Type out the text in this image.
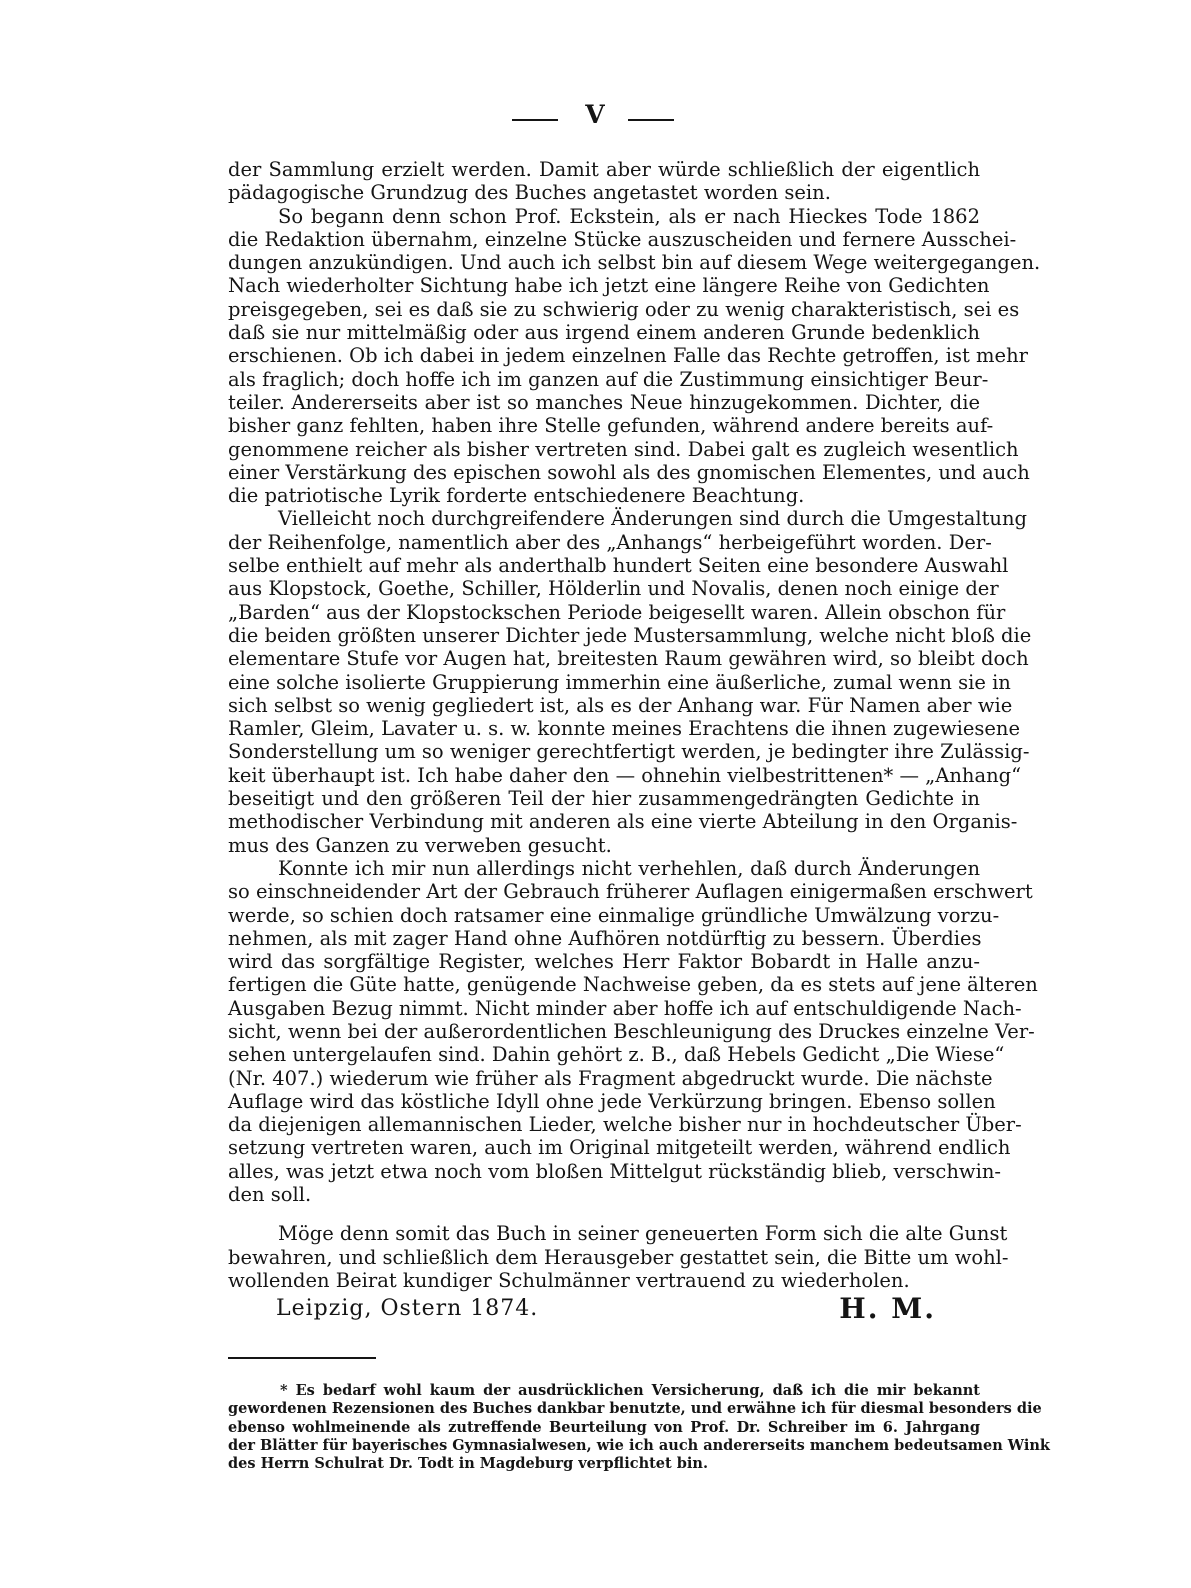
V

der Sammlung erzielt werden. Damit aber würde schließlich der eigentlich
pädagogische Grundzug des Buches angetastet worden sein.

So begann denn schon Prof. Eckstein, als er nach Hieckes Tode 1862
die Redaktion übernahm, einzelne Stücke auszuscheiden und fernere Ausschei-
dungen anzukündigen. Und auch ich selbst bin auf diesem Wege weitergegangen.
Nach wiederholter Sichtung habe ich jetzt eine längere Reihe von Gedichten
preisgegeben, sei es daß sie zu schwierig oder zu wenig charakteristisch, sei es
daß sie nur mittelmäßig oder aus irgend einem anderen Grunde bedenklich
erschienen. Ob ich dabei in jedem einzelnen Falle das Rechte getroffen, ist mehr
als fraglich; doch hoffe ich im ganzen auf die Zustimmung einsichtiger Beur-
teiler. Andererseits aber ist so manches Neue hinzugekommen. Dichter, die
bisher ganz fehlten, haben ihre Stelle gefunden, während andere bereits auf-
genommene reicher als bisher vertreten sind. Dabei galt es zugleich wesentlich
einer Verstärkung des epischen sowohl als des gnomischen Elementes, und auch
die patriotische Lyrik forderte entschiedenere Beachtung.

Vielleicht noch durchgreifendere Änderungen sind durch die Umgestaltung
der Reihenfolge, namentlich aber des „Anhangs“ herbeigeführt worden. Der-
selbe enthielt auf mehr als anderthalb hundert Seiten eine besondere Auswahl
aus Klopstock, Goethe, Schiller, Hölderlin und Novalis, denen noch einige der
„Barden“ aus der Klopstockschen Periode beigesellt waren. Allein obschon für
die beiden größten unserer Dichter jede Mustersammlung, welche nicht bloß die
elementare Stufe vor Augen hat, breitesten Raum gewähren wird, so bleibt doch
eine solche isolierte Gruppierung immerhin eine äußerliche, zumal wenn sie in
sich selbst so wenig gegliedert ist, als es der Anhang war. Für Namen aber wie
Ramler, Gleim, Lavater u. s. w. konnte meines Erachtens die ihnen zugewiesene
Sonderstellung um so weniger gerechtfertigt werden, je bedingter ihre Zulässig-
keit überhaupt ist. Ich habe daher den — ohnehin vielbestrittenen* — „Anhang“
beseitigt und den größeren Teil der hier zusammengedrängten Gedichte in
methodischer Verbindung mit anderen als eine vierte Abteilung in den Organis-
mus des Ganzen zu verweben gesucht.

Konnte ich mir nun allerdings nicht verhehlen, daß durch Änderungen
so einschneidender Art der Gebrauch früherer Auflagen einigermaßen erschwert
werde, so schien doch ratsamer eine einmalige gründliche Umwälzung vorzu-
nehmen, als mit zager Hand ohne Aufhören notdürftig zu bessern. Überdies
wird das sorgfältige Register, welches Herr Faktor Bobardt in Halle anzu-
fertigen die Güte hatte, genügende Nachweise geben, da es stets auf jene älteren
Ausgaben Bezug nimmt. Nicht minder aber hoffe ich auf entschuldigende Nach-
sicht, wenn bei der außerordentlichen Beschleunigung des Druckes einzelne Ver-
sehen untergelaufen sind. Dahin gehört z. B., daß Hebels Gedicht „Die Wiese“
(Nr. 407.) wiederum wie früher als Fragment abgedruckt wurde. Die nächste
Auflage wird das köstliche Idyll ohne jede Verkürzung bringen. Ebenso sollen
da diejenigen allemannischen Lieder, welche bisher nur in hochdeutscher Über-
setzung vertreten waren, auch im Original mitgeteilt werden, während endlich
alles, was jetzt etwa noch vom bloßen Mittelgut rückständig blieb, verschwin-
den soll.

Möge denn somit das Buch in seiner geneuerten Form sich die alte Gunst
bewahren, und schließlich dem Herausgeber gestattet sein, die Bitte um wohl-
wollenden Beirat kundiger Schulmänner vertrauend zu wiederholen.

Leipzig, Ostern 1874.	H. M.
* Es bedarf wohl kaum der ausdrücklichen Versicherung, daß ich die mir bekannt
gewordenen Rezensionen des Buches dankbar benutzte, und erwähne ich für diesmal besonders die
ebenso wohlmeinende als zutreffende Beurteilung von Prof. Dr. Schreiber im 6. Jahrgang
der Blätter für bayerisches Gymnasialwesen, wie ich auch andererseits manchem bedeutsamen Wink
des Herrn Schulrat Dr. Todt in Magdeburg verpflichtet bin.
